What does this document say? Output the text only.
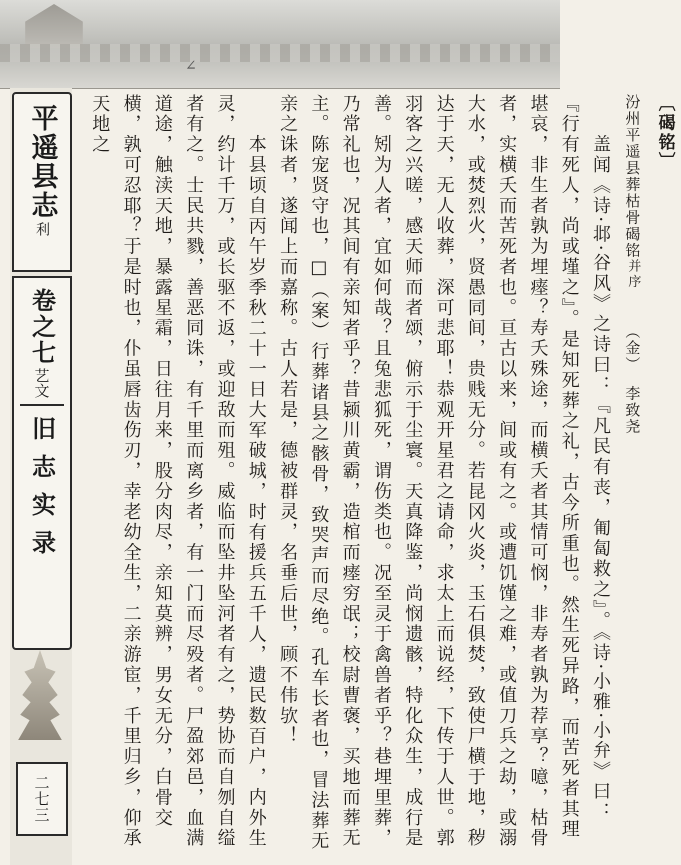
∠
平遥县志
利
卷之七
艺文
旧志实录
二七三

〔碣铭〕

汾州平遥县葬枯骨碣铭并序　　（金）　李致尧

　　盖闻《诗·邶·谷风》之诗曰：『凡民有丧，匍匐救之』。《诗·小雅·小弁》曰：『行有死人，尚或墐之』。是知死葬之礼，古今所重也。然生死异路，而苦死者其理堪哀，非生者孰为埋瘗？寿夭殊途，而横夭者其情可悯，非寿者孰为荐享？噫，枯骨者，实横夭而苦死者也。亘古以来，间或有之。或遭饥馑之难，或值刀兵之劫，或溺大水，或焚烈火，贤愚同间，贵贱无分。若昆冈火炎，玉石俱焚，致使尸横于地，秽达于天，无人收葬，深可悲耶！恭观开星君之请命，求太上而说经，下传于人世。郭羽客之兴嗟，感天师而者颂，俯示于尘寰。天真降鉴，尚悯遗骸，特化众生，成行是善。矧为人者，宜如何哉？且兔悲狐死，谓伤类也。况至灵于禽兽者乎？巷埋里葬，乃常礼也，况其间有亲知者乎？昔颍川黄霸，造棺而瘗穷氓；校尉曹褒，买地而葬无主。陈宠贤守也，□（案）行葬诸县之骸骨，致哭声而尽绝。孔车长者也，冒法葬无亲之诛者，遂闻上而嘉称。古人若是，德被群灵，名垂后世，顾不伟欤！

　　本县顷自丙午岁季秋二十一日大军破城，时有援兵五千人，遗民数百户，内外生灵，约计千万，或长驱不返，或迎敌而殂。威临而坠井坠河者有之，势协而自刎自缢者有之。士民共戮，善恶同诛，有千里而离乡者，有一门而尽殁者。尸盈郊邑，血满道途，触渎天地，暴露星霜，日往月来，股分肉尽，亲知莫辨，男女无分，白骨交横，孰可忍耶？于是时也，仆虽唇齿伤刃，幸老幼全生，二亲游宦，千里归乡，仰承天地之
